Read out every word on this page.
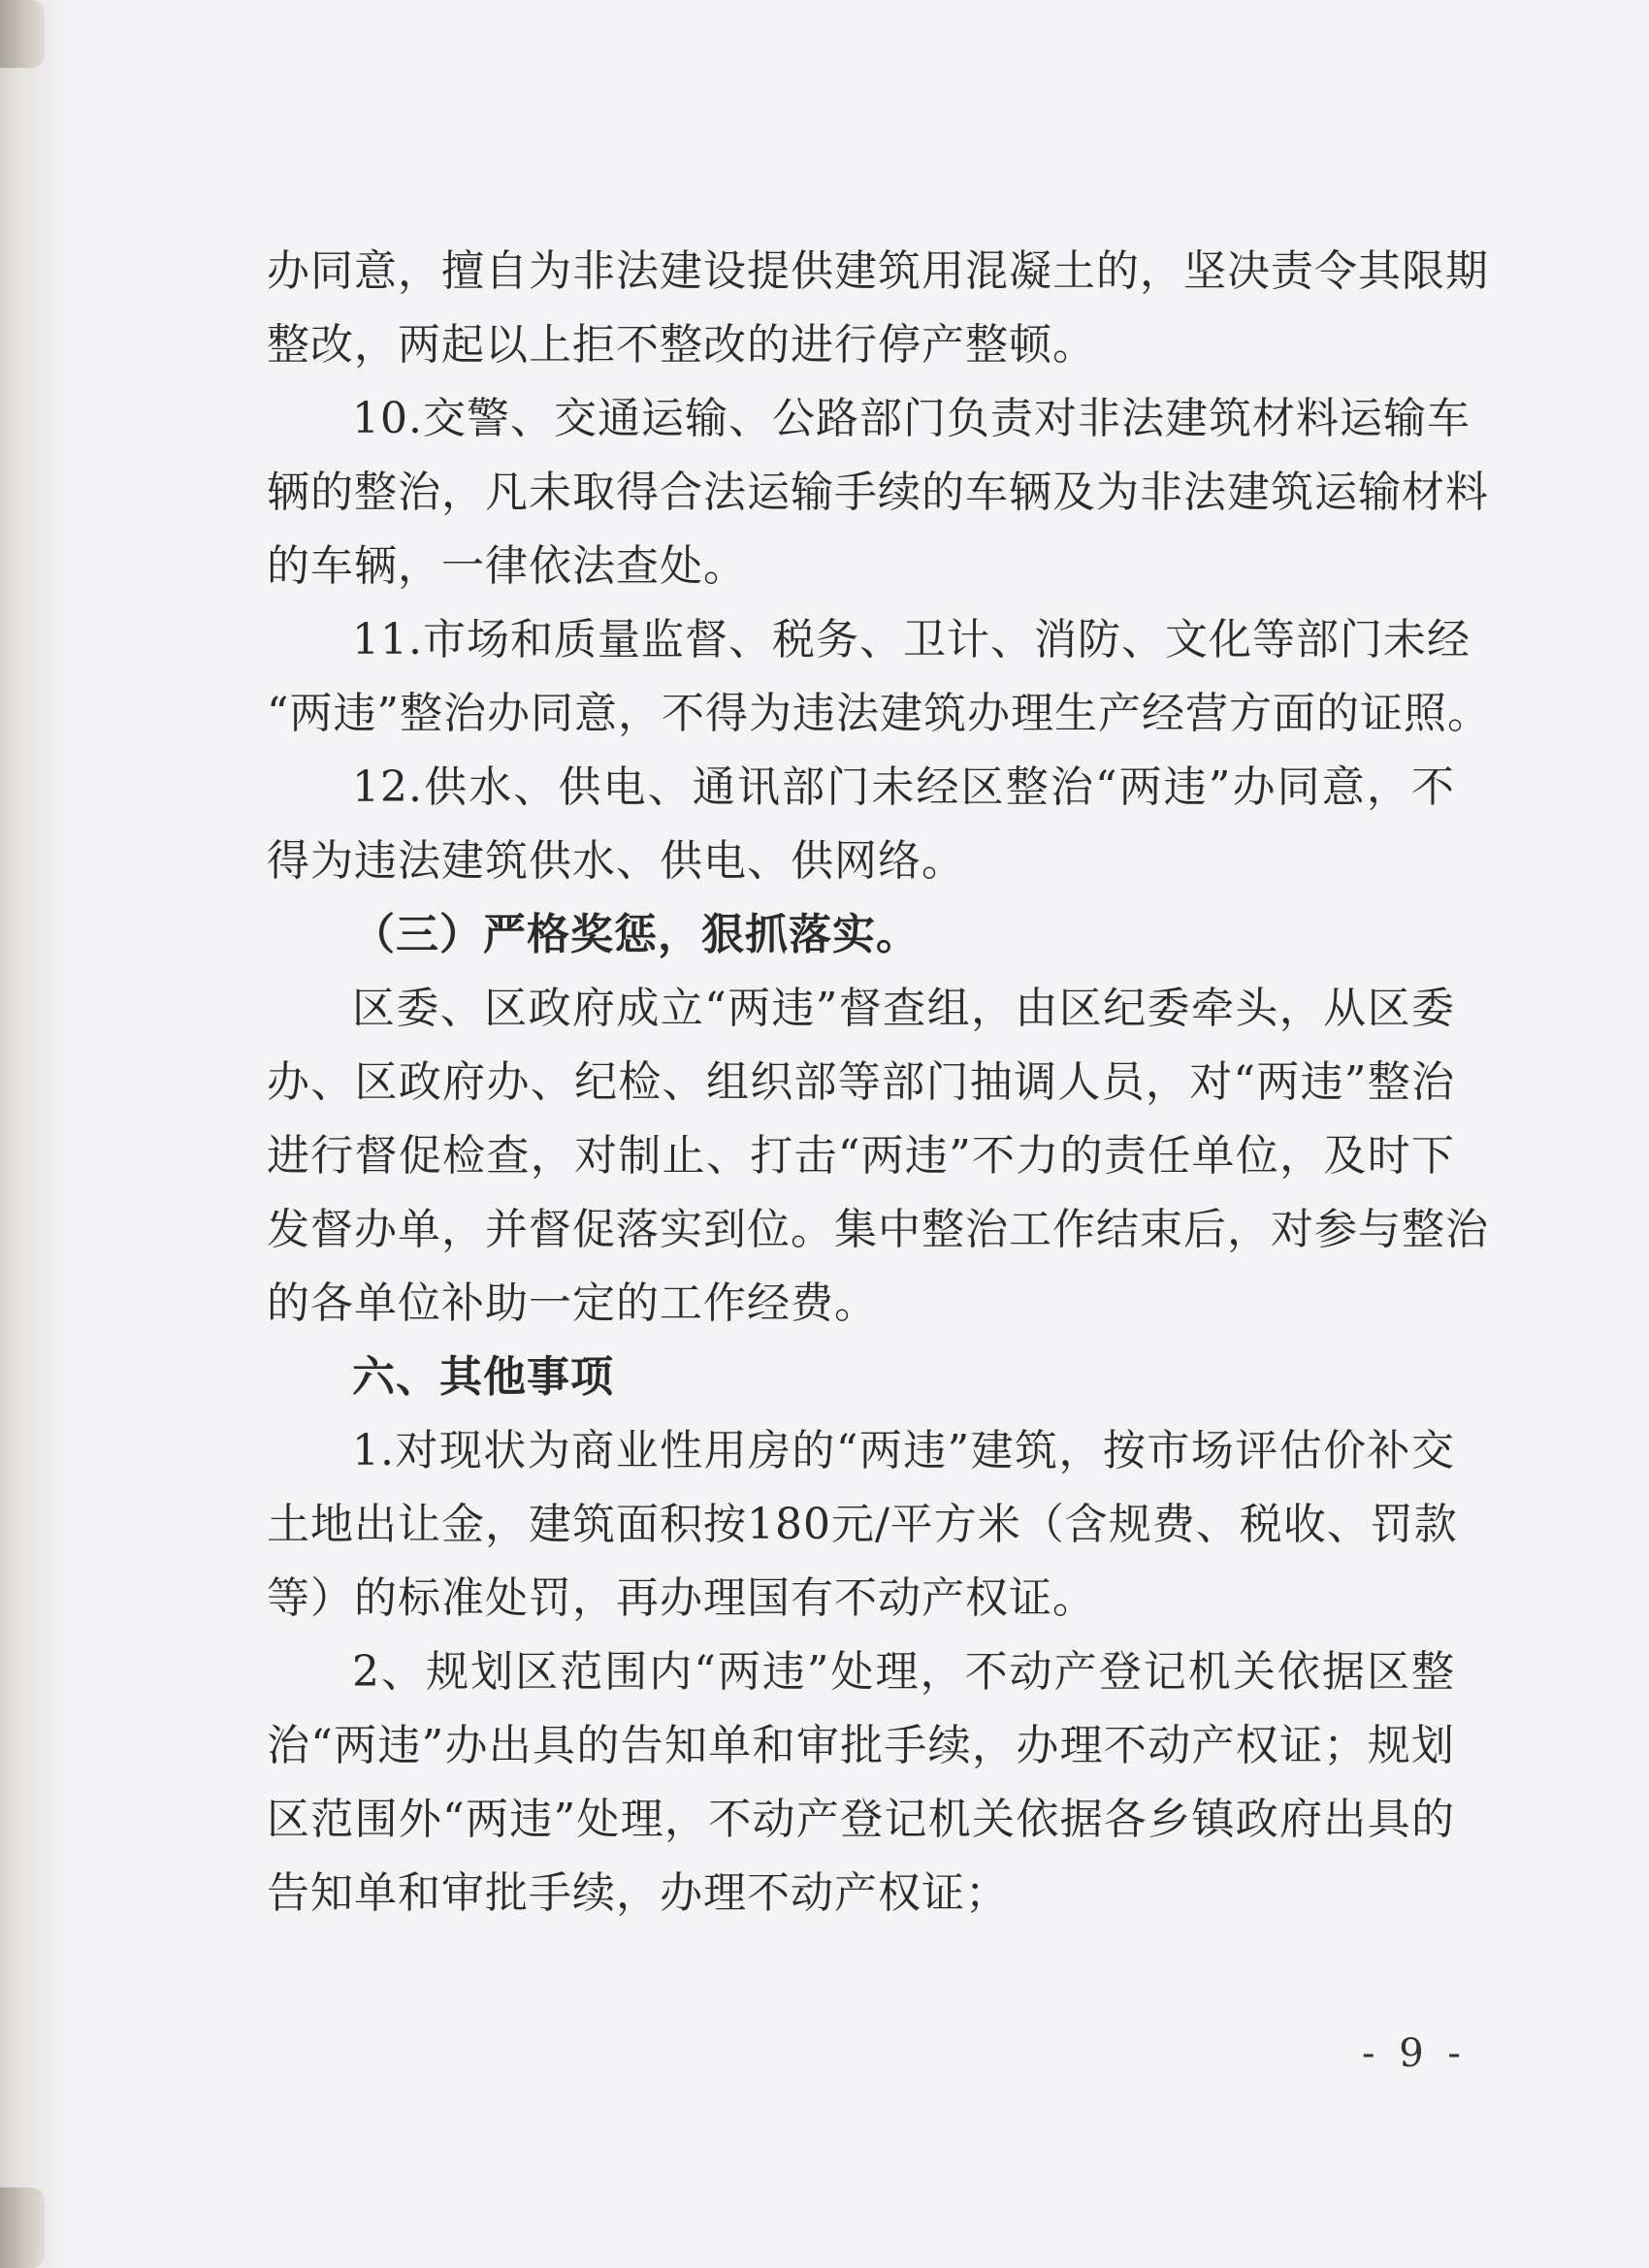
办同意，擅自为非法建设提供建筑用混凝土的，坚决责令其限期
整改，两起以上拒不整改的进行停产整顿。
10.交警、交通运输、公路部门负责对非法建筑材料运输车
辆的整治，凡未取得合法运输手续的车辆及为非法建筑运输材料
的车辆，一律依法查处。
11.市场和质量监督、税务、卫计、消防、文化等部门未经
“两违”整治办同意，不得为违法建筑办理生产经营方面的证照。
12.供水、供电、通讯部门未经区整治“两违”办同意，不
得为违法建筑供水、供电、供网络。
（三）严格奖惩，狠抓落实。
区委、区政府成立“两违”督查组，由区纪委牵头，从区委
办、区政府办、纪检、组织部等部门抽调人员，对“两违”整治
进行督促检查，对制止、打击“两违”不力的责任单位，及时下
发督办单，并督促落实到位。集中整治工作结束后，对参与整治
的各单位补助一定的工作经费。
六、其他事项
1.对现状为商业性用房的“两违”建筑，按市场评估价补交
土地出让金，建筑面积按180元/平方米（含规费、税收、罚款
等）的标准处罚，再办理国有不动产权证。
2、规划区范围内“两违”处理，不动产登记机关依据区整
治“两违”办出具的告知单和审批手续，办理不动产权证；规划
区范围外“两违”处理，不动产登记机关依据各乡镇政府出具的
告知单和审批手续，办理不动产权证；
- 9 -
